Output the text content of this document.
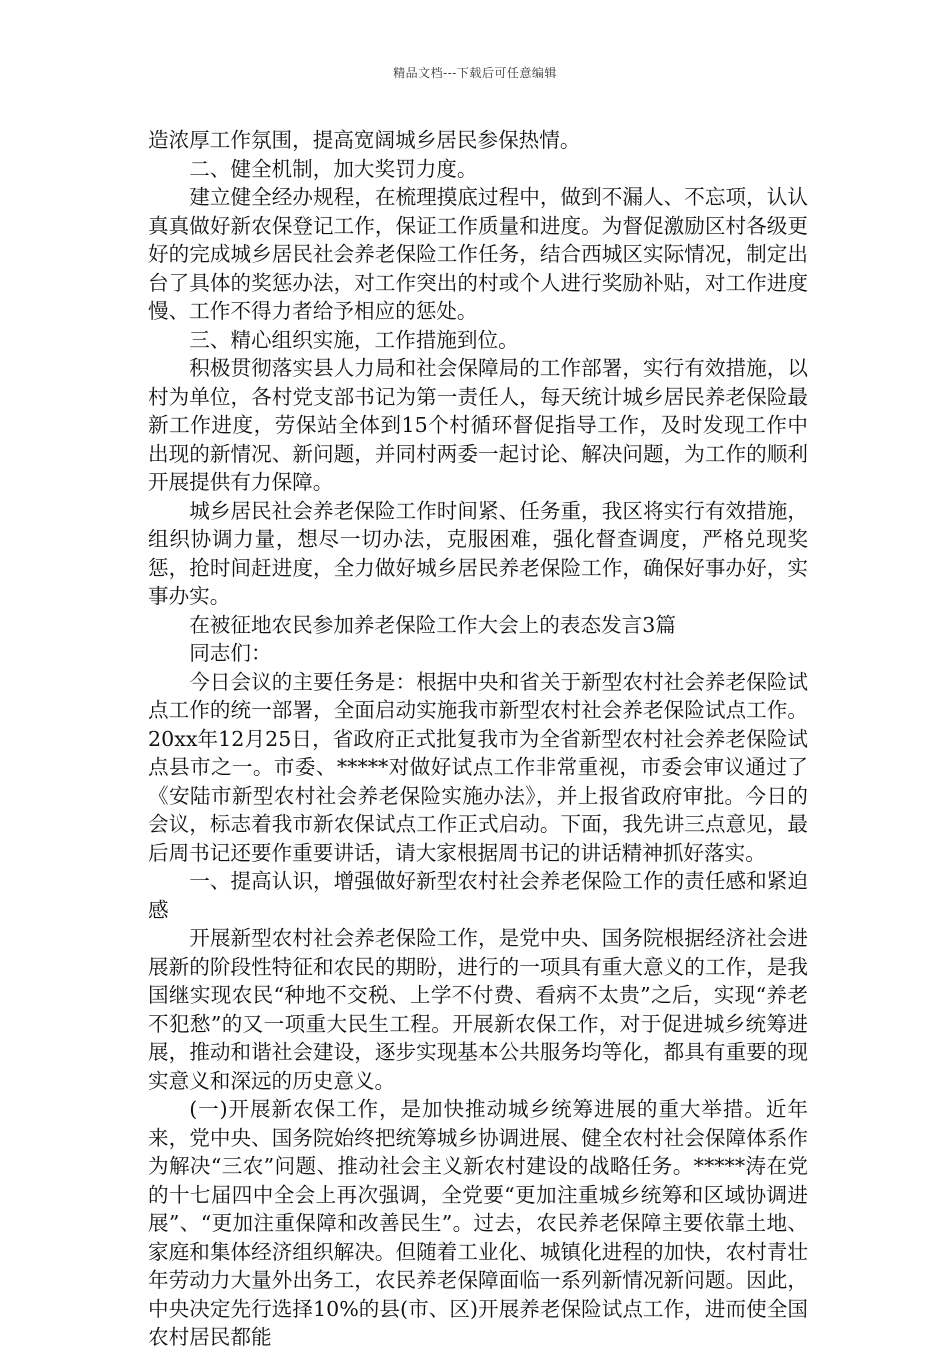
精品文档---下载后可任意编辑

造浓厚工作氛围，提高宽阔城乡居民参保热情。

二、健全机制，加大奖罚力度。

建立健全经办规程，在梳理摸底过程中，做到不漏人、不忘项，认认真真做好新农保登记工作，保证工作质量和进度。为督促激励区村各级更好的完成城乡居民社会养老保险工作任务，结合西城区实际情况，制定出台了具体的奖惩办法，对工作突出的村或个人进行奖励补贴，对工作进度慢、工作不得力者给予相应的惩处。

三、精心组织实施，工作措施到位。

积极贯彻落实县人力局和社会保障局的工作部署，实行有效措施，以村为单位，各村党支部书记为第一责任人，每天统计城乡居民养老保险最新工作进度，劳保站全体到15个村循环督促指导工作，及时发现工作中出现的新情况、新问题，并同村两委一起讨论、解决问题，为工作的顺利开展提供有力保障。

城乡居民社会养老保险工作时间紧、任务重，我区将实行有效措施，组织协调力量，想尽一切办法，克服困难，强化督查调度，严格兑现奖惩，抢时间赶进度，全力做好城乡居民养老保险工作，确保好事办好，实事办实。

在被征地农民参加养老保险工作大会上的表态发言3篇

同志们：

今日会议的主要任务是：根据中央和省关于新型农村社会养老保险试点工作的统一部署，全面启动实施我市新型农村社会养老保险试点工作。20xx年12月25日，省政府正式批复我市为全省新型农村社会养老保险试点县市之一。市委、*****对做好试点工作非常重视，市委会审议通过了《安陆市新型农村社会养老保险实施办法》，并上报省政府审批。今日的会议，标志着我市新农保试点工作正式启动。下面，我先讲三点意见，最后周书记还要作重要讲话，请大家根据周书记的讲话精神抓好落实。

一、提高认识，增强做好新型农村社会养老保险工作的责任感和紧迫感

开展新型农村社会养老保险工作，是党中央、国务院根据经济社会进展新的阶段性特征和农民的期盼，进行的一项具有重大意义的工作，是我国继实现农民“种地不交税、上学不付费、看病不太贵”之后，实现“养老不犯愁”的又一项重大民生工程。开展新农保工作，对于促进城乡统筹进展，推动和谐社会建设，逐步实现基本公共服务均等化，都具有重要的现实意义和深远的历史意义。

(一)开展新农保工作，是加快推动城乡统筹进展的重大举措。近年来，党中央、国务院始终把统筹城乡协调进展、健全农村社会保障体系作为解决“三农”问题、推动社会主义新农村建设的战略任务。*****涛在党的十七届四中全会上再次强调，全党要“更加注重城乡统筹和区域协调进展”、“更加注重保障和改善民生”。过去，农民养老保障主要依靠土地、家庭和集体经济组织解决。但随着工业化、城镇化进程的加快，农村青壮年劳动力大量外出务工，农民养老保障面临一系列新情况新问题。因此，中央决定先行选择10%的县(市、区)开展养老保险试点工作，进而使全国农村居民都能
